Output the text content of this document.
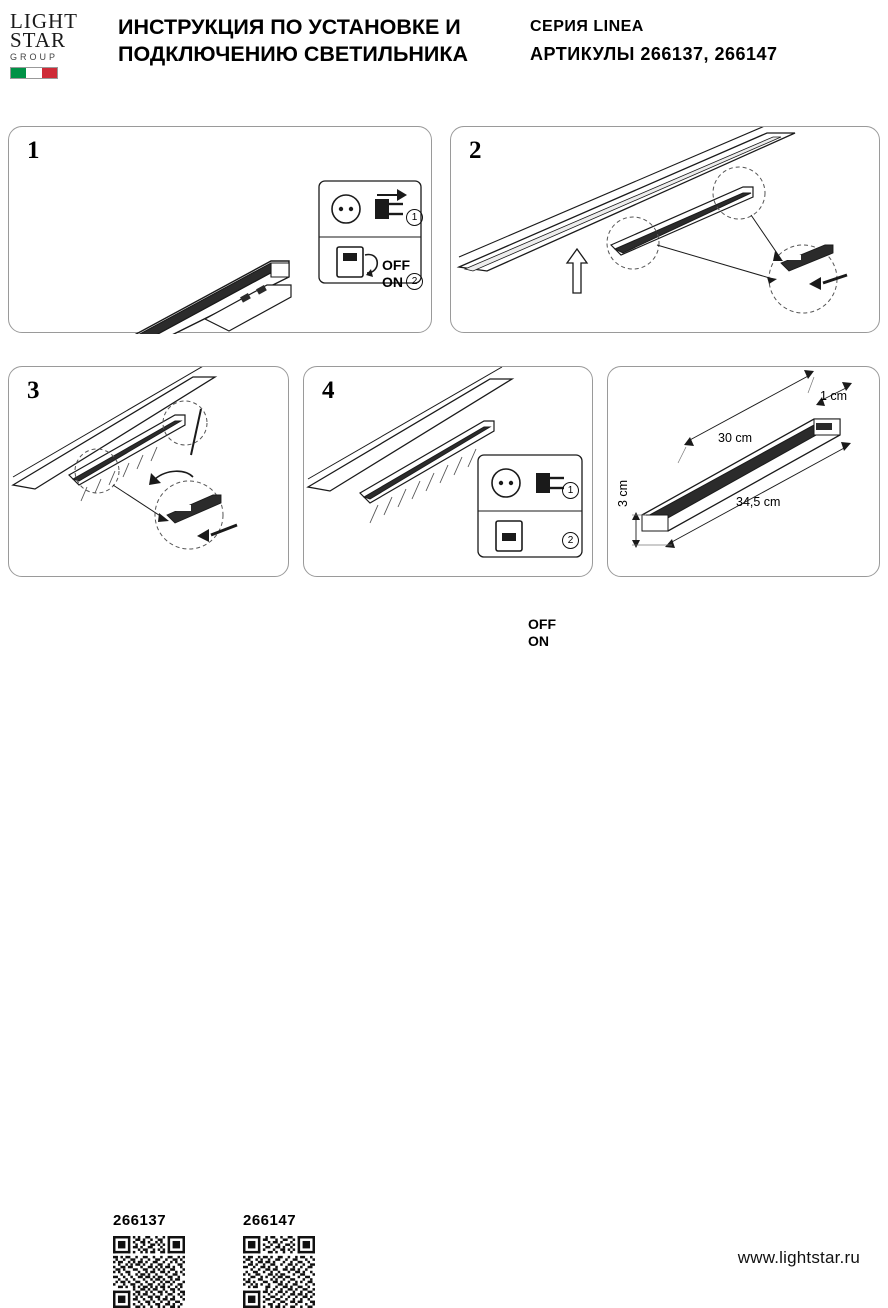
LIGHT
STAR
GROUP
ИНСТРУКЦИЯ ПО УСТАНОВКЕ И
ПОДКЛЮЧЕНИЮ СВЕТИЛЬНИКА
СЕРИЯ LINEA
АРТИКУЛЫ 266137, 266147
1
OFF
ON
1
2
2
3	4
OFF
ON
1
2
30 cm
1 cm
34,5 cm
3 cm
266137	266147
www.lightstar.ru
